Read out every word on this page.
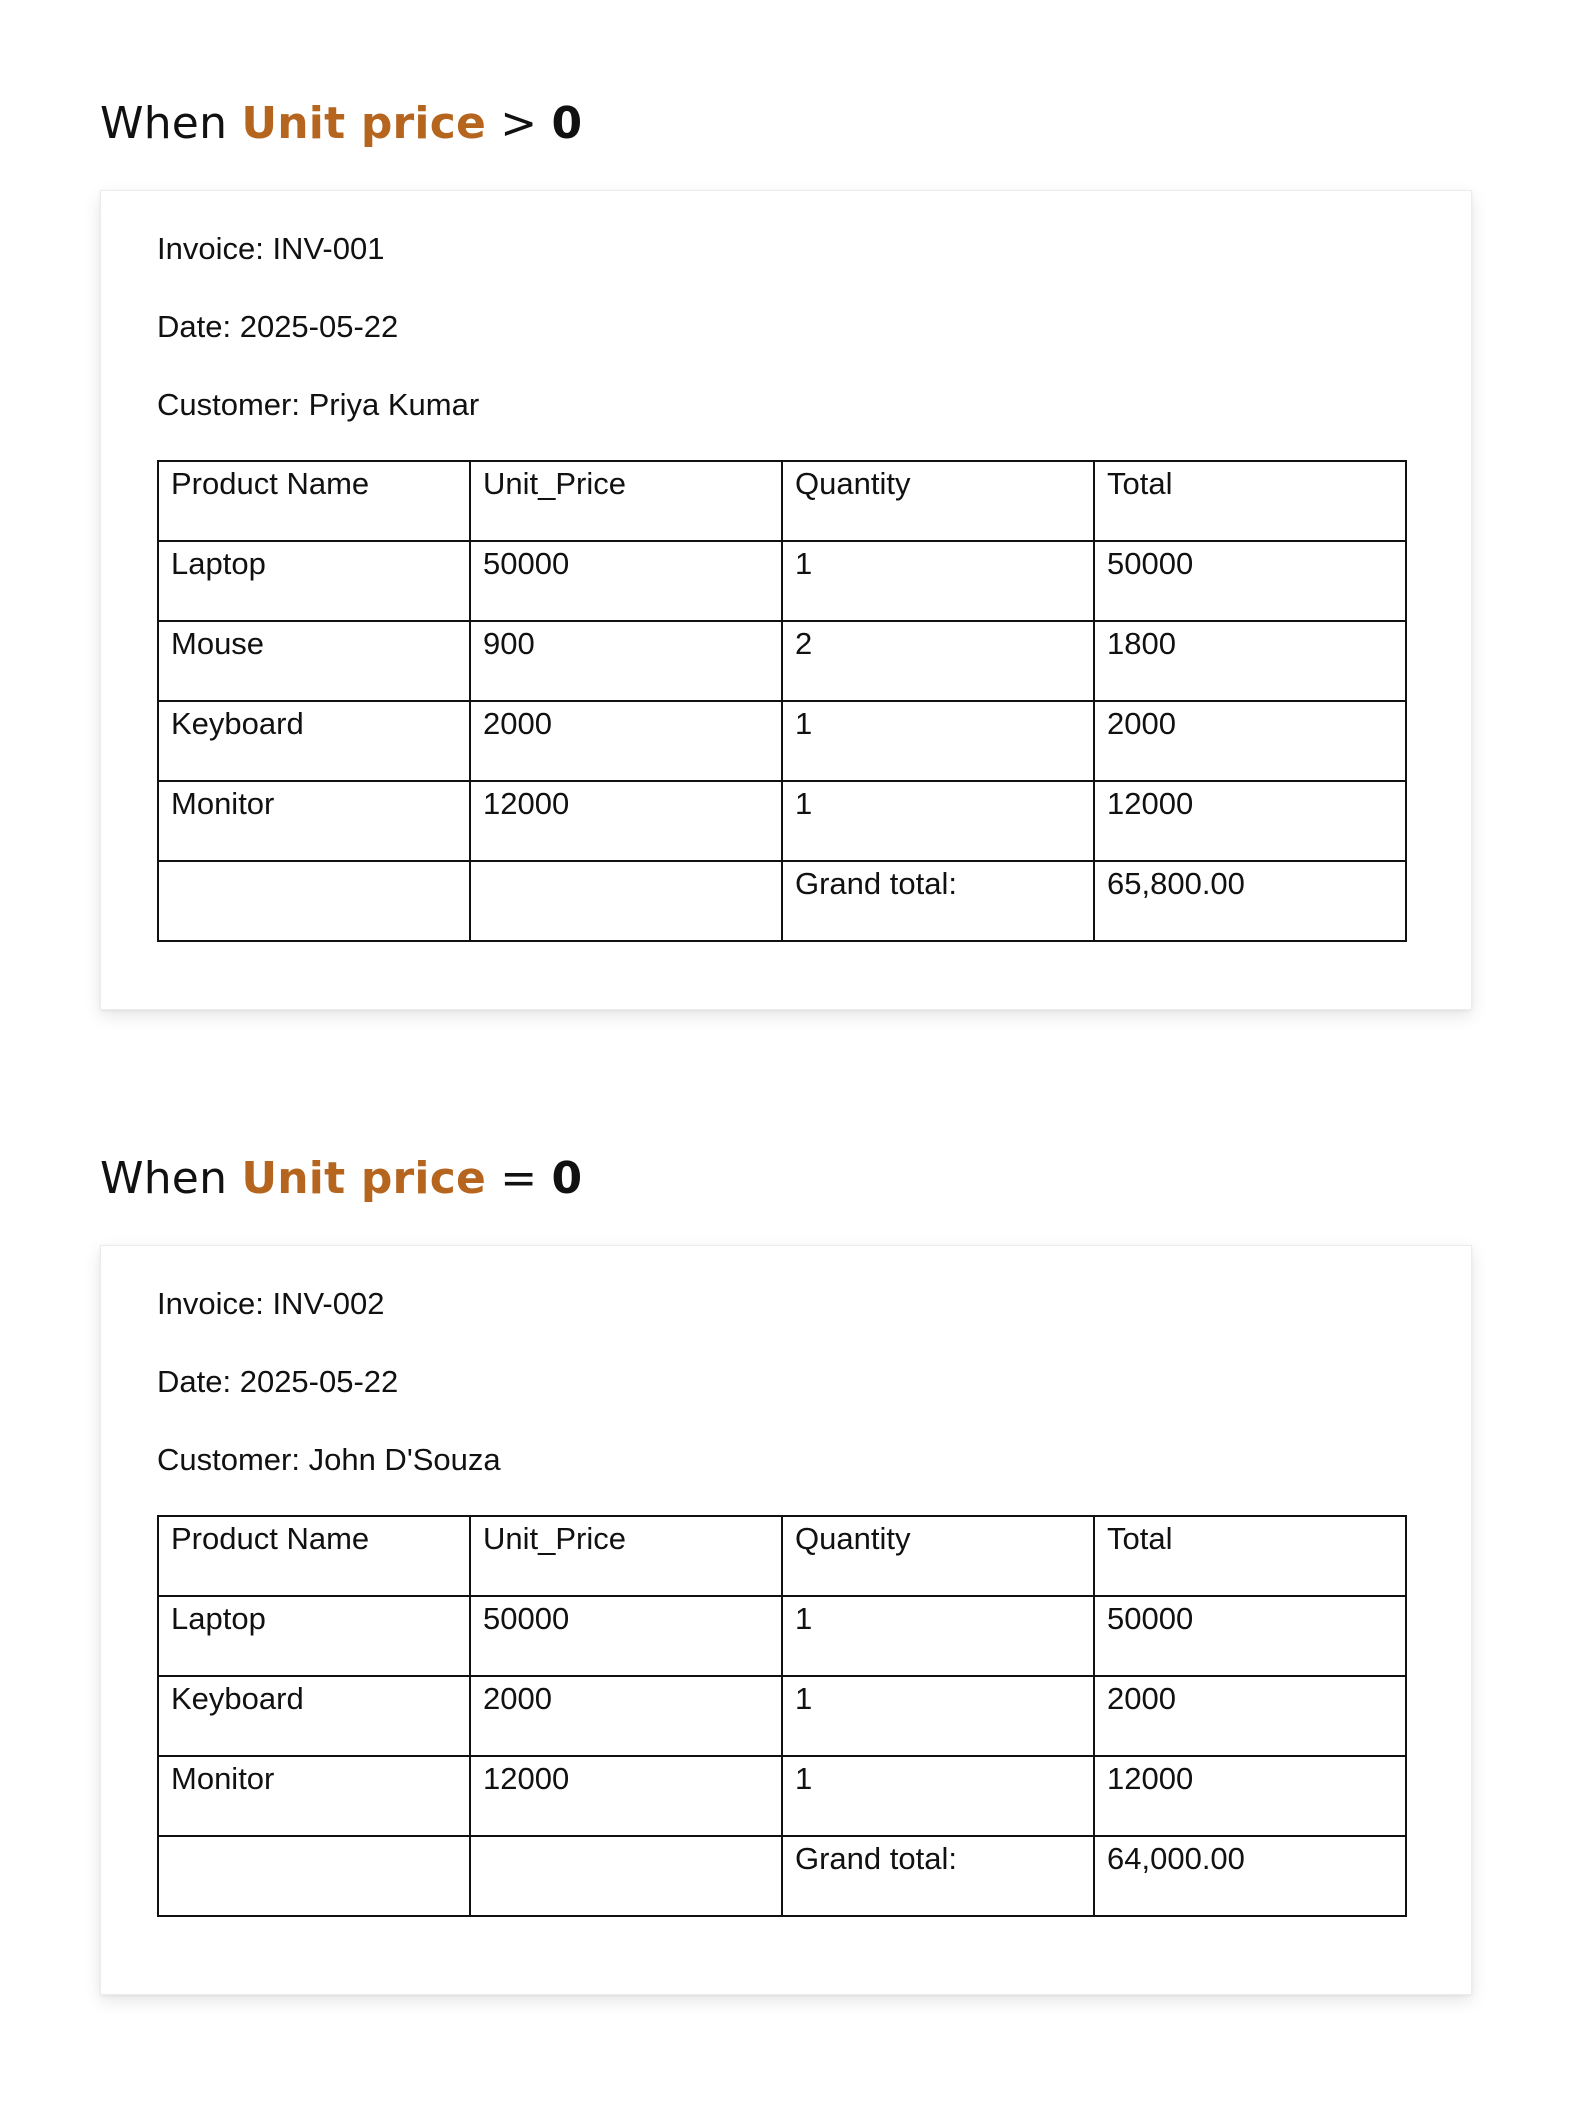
When Unit price > 0

Invoice: INV-001

Date: 2025-05-22

Customer: Priya Kumar

Product Name	Unit_Price	Quantity	Total
Laptop	50000	1	50000
Mouse	900	2	1800
Keyboard	2000	1	2000
Monitor	12000	1	12000
		Grand total:	65,800.00
When Unit price = 0

Invoice: INV-002

Date: 2025-05-22

Customer: John D'Souza

Product Name	Unit_Price	Quantity	Total
Laptop	50000	1	50000
Keyboard	2000	1	2000
Monitor	12000	1	12000
		Grand total:	64,000.00
